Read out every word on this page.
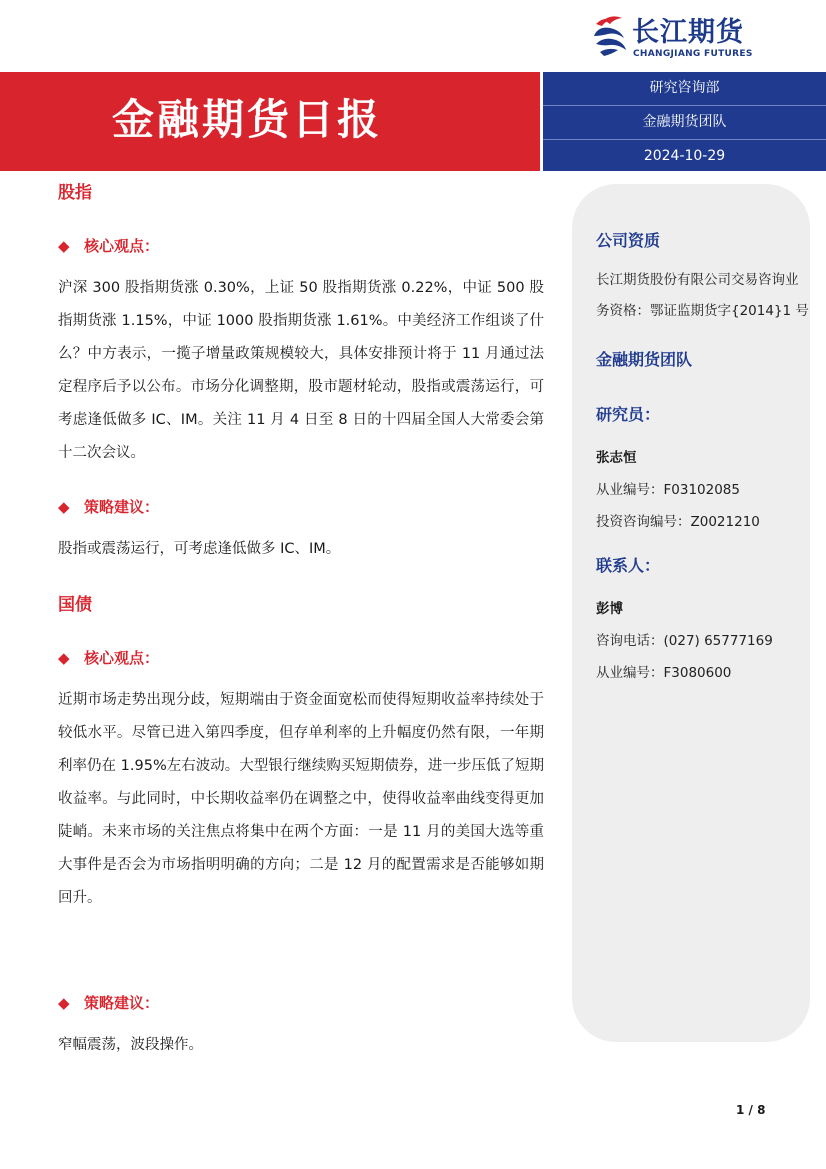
长江期货
CHANGJIANG FUTURES
金融期货日报
研究咨询部
金融期货团队
2024-10-29
股指
◆ 核心观点：
沪深 300 股指期货涨 0.30%，上证 50 股指期货涨 0.22%，中证 500 股指期货涨 1.15%，中证 1000 股指期货涨 1.61%。中美经济工作组谈了什么？中方表示，一揽子增量政策规模较大，具体安排预计将于 11 月通过法定程序后予以公布。市场分化调整期，股市题材轮动，股指或震荡运行，可考虑逢低做多 IC、IM。关注 11 月 4 日至 8 日的十四届全国人大常委会第十二次会议。
◆ 策略建议：
股指或震荡运行，可考虑逢低做多 IC、IM。
国债
◆ 核心观点：
近期市场走势出现分歧，短期端由于资金面宽松而使得短期收益率持续处于较低水平。尽管已进入第四季度，但存单利率的上升幅度仍然有限，一年期利率仍在 1.95%左右波动。大型银行继续购买短期债券，进一步压低了短期收益率。与此同时，中长期收益率仍在调整之中，使得收益率曲线变得更加陡峭。未来市场的关注焦点将集中在两个方面：一是 11 月的美国大选等重大事件是否会为市场指明明确的方向；二是 12 月的配置需求是否能够如期回升。
◆ 策略建议：
窄幅震荡，波段操作。
公司资质
长江期货股份有限公司交易咨询业
务资格：鄂证监期货字{2014}1 号
金融期货团队
研究员：
张志恒
从业编号：F03102085
投资咨询编号：Z0021210
联系人：
彭博
咨询电话：(027) 65777169
从业编号：F3080600
1 / 8
